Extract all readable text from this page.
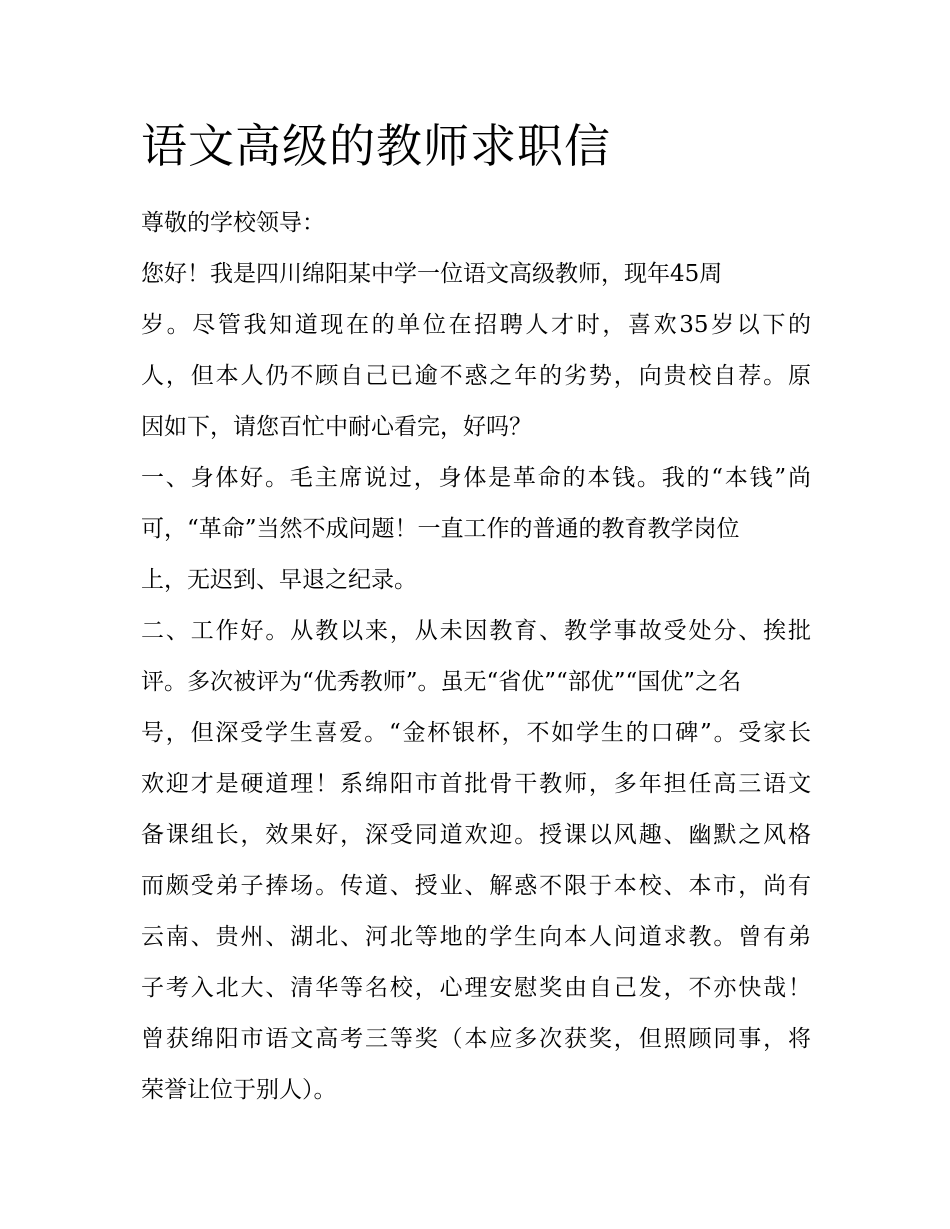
语文高级的教师求职信
尊敬的学校领导：
您好！我是四川绵阳某中学一位语文高级教师，现年45周
岁。尽管我知道现在的单位在招聘人才时，喜欢35岁以下的
人，但本人仍不顾自己已逾不惑之年的劣势，向贵校自荐。原
因如下，请您百忙中耐心看完，好吗？
一、身体好。毛主席说过，身体是革命的本钱。我的“本钱”尚
可，“革命”当然不成问题！一直工作的普通的教育教学岗位
上，无迟到、早退之纪录。
二、工作好。从教以来，从未因教育、教学事故受处分、挨批
评。多次被评为“优秀教师”。虽无“省优”“部优”“国优”之名
号，但深受学生喜爱。“金杯银杯，不如学生的口碑”。受家长
欢迎才是硬道理！系绵阳市首批骨干教师，多年担任高三语文
备课组长，效果好，深受同道欢迎。授课以风趣、幽默之风格
而颇受弟子捧场。传道、授业、解惑不限于本校、本市，尚有
云南、贵州、湖北、河北等地的学生向本人问道求教。曾有弟
子考入北大、清华等名校，心理安慰奖由自己发，不亦快哉！
曾获绵阳市语文高考三等奖（本应多次获奖，但照顾同事，将
荣誉让位于别人）。
